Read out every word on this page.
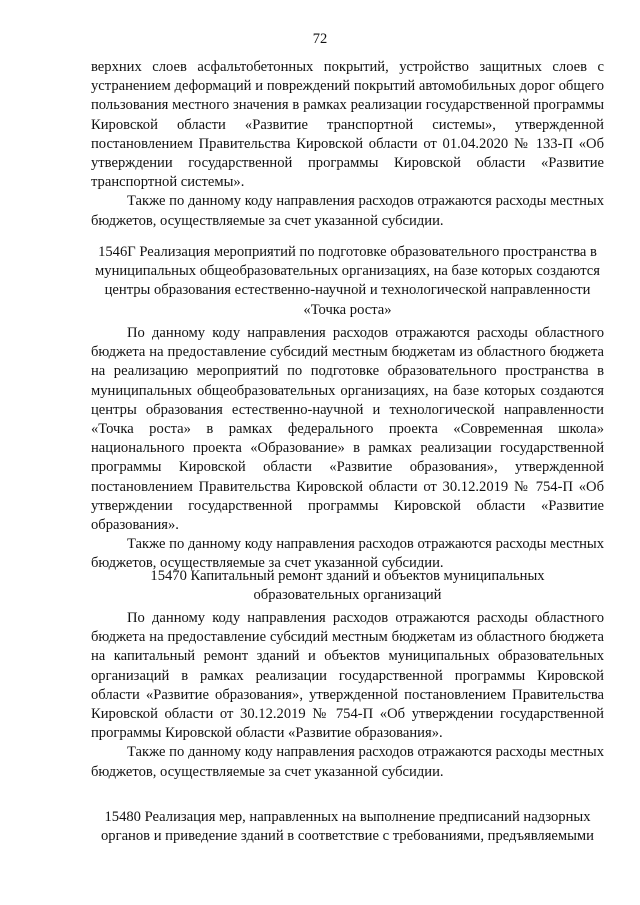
72

верхних слоев асфальтобетонных покрытий, устройство защитных слоев с устранением деформаций и повреждений покрытий автомобильных дорог общего пользования местного значения в рамках реализации государственной программы Кировской области «Развитие транспортной системы», утвержденной постановлением Правительства Кировской области от 01.04.2020 № 133-П «Об утверждении государственной программы Кировской области «Развитие транспортной системы».

Также по данному коду направления расходов отражаются расходы местных бюджетов, осуществляемые за счет указанной субсидии.

1546Г Реализация мероприятий по подготовке образовательного пространства в муниципальных общеобразовательных организациях, на базе которых создаются центры образования естественно-научной и технологической направленности «Точка роста»

По данному коду направления расходов отражаются расходы областного бюджета на предоставление субсидий местным бюджетам из областного бюджета на реализацию мероприятий по подготовке образовательного пространства в муниципальных общеобразовательных организациях, на базе которых создаются центры образования естественно-научной и технологической направленности «Точка роста» в рамках федерального проекта «Современная школа» национального проекта «Образование» в рамках реализации государственной программы Кировской области «Развитие образования», утвержденной постановлением Правительства Кировской области от 30.12.2019 № 754-П «Об утверждении государственной программы Кировской области «Развитие образования».

Также по данному коду направления расходов отражаются расходы местных бюджетов, осуществляемые за счет указанной субсидии.

15470 Капитальный ремонт зданий и объектов муниципальных образовательных организаций

По данному коду направления расходов отражаются расходы областного бюджета на предоставление субсидий местным бюджетам из областного бюджета на капитальный ремонт зданий и объектов муниципальных образовательных организаций в рамках реализации государственной программы Кировской области «Развитие образования», утвержденной постановлением Правительства Кировской области от 30.12.2019 № 754-П «Об утверждении государственной программы Кировской области «Развитие образования».

Также по данному коду направления расходов отражаются расходы местных бюджетов, осуществляемые за счет указанной субсидии.

15480 Реализация мер, направленных на выполнение предписаний надзорных органов и приведение зданий в соответствие с требованиями, предъявляемыми
